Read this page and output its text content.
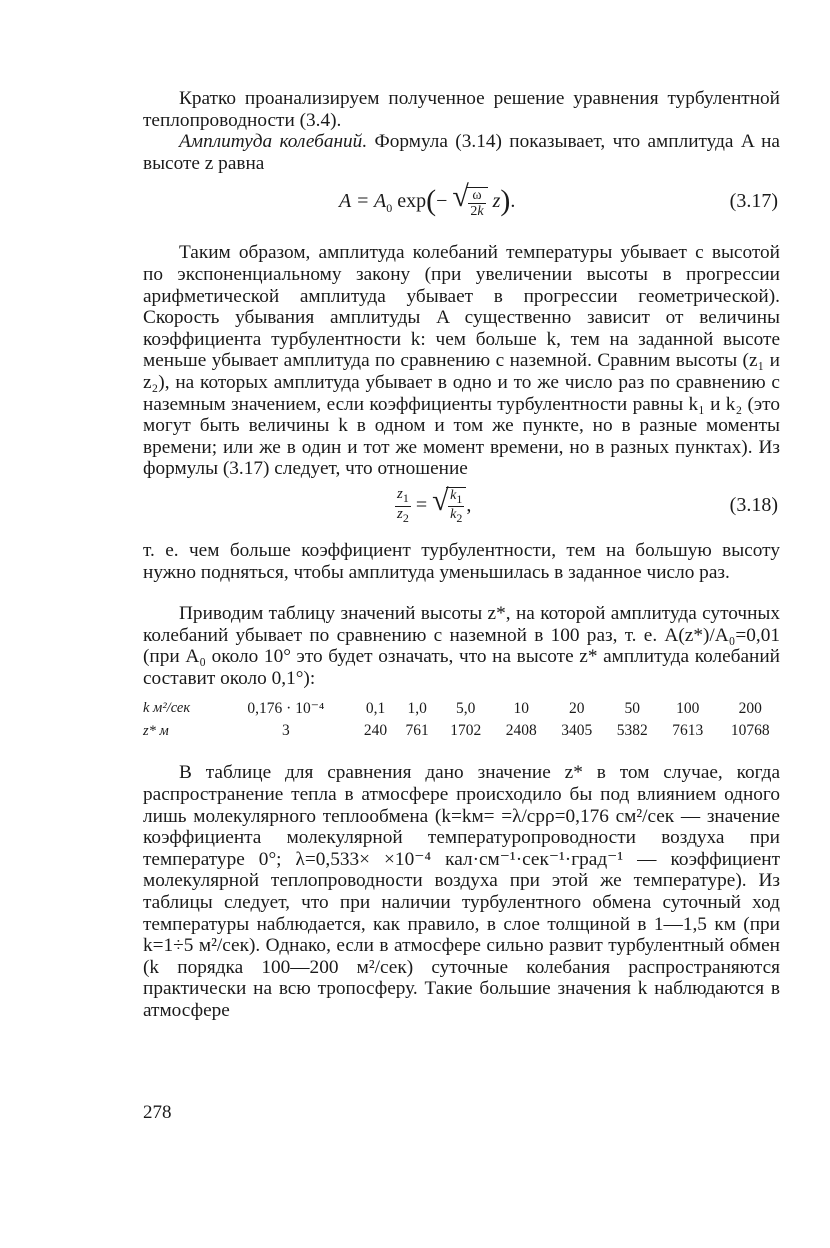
Кратко проанализируем полученное решение уравнения турбулентной теплопроводности (3.4).

Амплитуда колебаний. Формула (3.14) показывает, что амплитуда A на высоте z равна

$A = A_0$ exp(− √ $\frac{\omega}{2k} z$).	(3.17)

Таким образом, амплитуда колебаний температуры убывает с высотой по экспоненциальному закону (при увеличении высоты в прогрессии арифметической амплитуда убывает в прогрессии геометрической). Скорость убывания амплитуды A существенно зависит от величины коэффициента турбулентности k: чем больше k, тем на заданной высоте меньше убывает амплитуда по сравнению с наземной. Сравним высоты (z₁ и z₂), на которых амплитуда убывает в одно и то же число раз по сравнению с наземным значением, если коэффициенты турбулентности равны k₁ и k₂ (это могут быть величины k в одном и том же пункте, но в разные моменты времени; или же в один и тот же момент времени, но в разных пунктах). Из формулы (3.17) следует, что отношение

$\frac{z_1}{z_2}$ = √ $\frac{k_1}{k_2}$ ,	(3.18)

т. е. чем больше коэффициент турбулентности, тем на большую высоту нужно подняться, чтобы амплитуда уменьшилась в заданное число раз.

Приводим таблицу значений высоты z*, на которой амплитуда суточных колебаний убывает по сравнению с наземной в 100 раз, т. е. A(z*)/A₀=0,01 (при A₀ около 10° это будет означать, что на высоте z* амплитуда колебаний составит около 0,1°):

k м²/сек	0,176 · 10⁻⁴	0,1	1,0	5,0	10	20	50	100	200
z* м	3	240	761	1702	2408	3405	5382	7613	10768

В таблице для сравнения дано значение z* в том случае, когда распространение тепла в атмосфере происходило бы под влиянием одного лишь молекулярного теплообмена (k=kм= =λ/cpρ=0,176 см²/сек — значение коэффициента молекулярной температуропроводности воздуха при температуре 0°; λ=0,533× ×10⁻⁴ кал·см⁻¹·сек⁻¹·град⁻¹ — коэффициент молекулярной теплопроводности воздуха при этой же температуре). Из таблицы следует, что при наличии турбулентного обмена суточный ход температуры наблюдается, как правило, в слое толщиной в 1—1,5 км (при k=1÷5 м²/сек). Однако, если в атмосфере сильно развит турбулентный обмен (k порядка 100—200 м²/сек) суточные колебания распространяются практически на всю тропосферу. Такие большие значения k наблюдаются в атмосфере

278
